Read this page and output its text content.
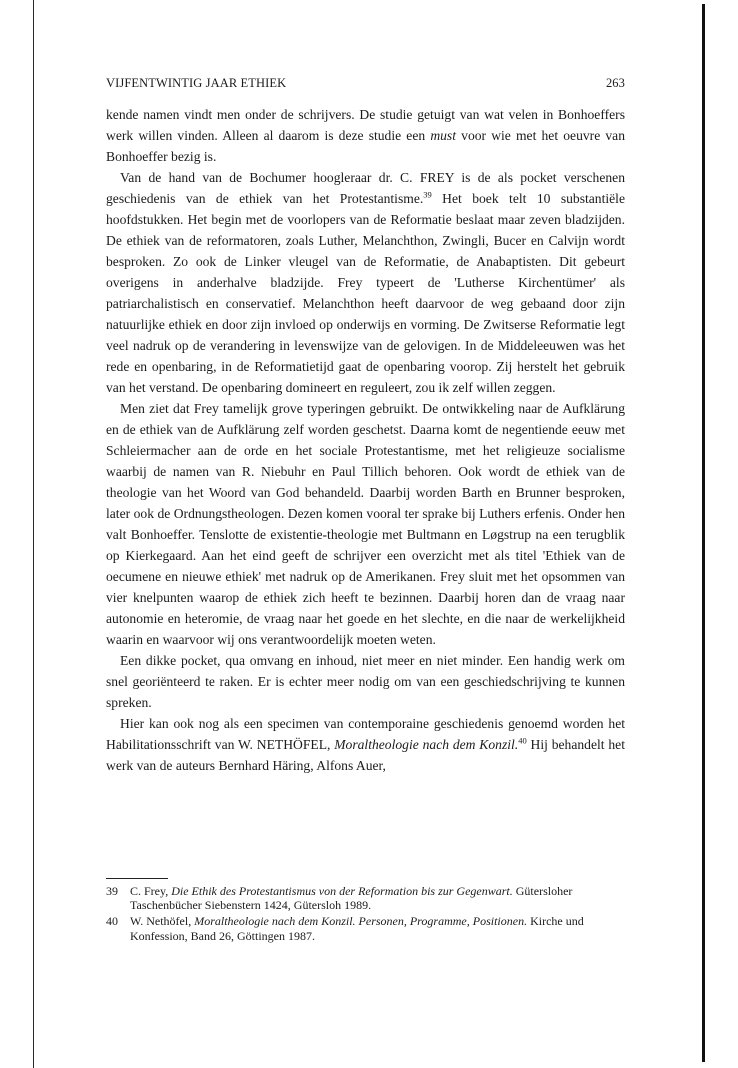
VIJFENTWINTIG JAAR ETHIEK	263

kende namen vindt men onder de schrijvers. De studie getuigt van wat velen in Bonhoeffers werk willen vinden. Alleen al daarom is deze studie een must voor wie met het oeuvre van Bonhoeffer bezig is.

Van de hand van de Bochumer hoogleraar dr. C. FREY is de als pocket verschenen geschiedenis van de ethiek van het Protestantisme.$^{39}$ Het boek telt 10 substantiële hoofdstukken. Het begin met de voorlopers van de Reformatie beslaat maar zeven bladzijden. De ethiek van de reformatoren, zoals Luther, Melanchthon, Zwingli, Bucer en Calvijn wordt besproken. Zo ook de Linker vleugel van de Reformatie, de Anabaptisten. Dit gebeurt overigens in anderhalve bladzijde. Frey typeert de 'Lutherse Kirchentümer' als patriarchalistisch en conservatief. Melanchthon heeft daarvoor de weg gebaand door zijn natuurlijke ethiek en door zijn invloed op onderwijs en vorming. De Zwitserse Reformatie legt veel nadruk op de verandering in levenswijze van de gelovigen. In de Middeleeuwen was het rede en openbaring, in de Reformatietijd gaat de openbaring voorop. Zij herstelt het gebruik van het verstand. De openbaring domineert en reguleert, zou ik zelf willen zeggen.

Men ziet dat Frey tamelijk grove typeringen gebruikt. De ontwikkeling naar de Aufklärung en de ethiek van de Aufklärung zelf worden geschetst. Daarna komt de negentiende eeuw met Schleiermacher aan de orde en het sociale Protestantisme, met het religieuze socialisme waarbij de namen van R. Niebuhr en Paul Tillich behoren. Ook wordt de ethiek van de theologie van het Woord van God behandeld. Daarbij worden Barth en Brunner besproken, later ook de Ordnungstheologen. Dezen komen vooral ter sprake bij Luthers erfenis. Onder hen valt Bonhoeffer. Tenslotte de existentie-theologie met Bultmann en Løgstrup na een terugblik op Kierkegaard. Aan het eind geeft de schrijver een overzicht met als titel 'Ethiek van de oecumene en nieuwe ethiek' met nadruk op de Amerikanen. Frey sluit met het opsommen van vier knelpunten waarop de ethiek zich heeft te bezinnen. Daarbij horen dan de vraag naar autonomie en heteromie, de vraag naar het goede en het slechte, en die naar de werkelijkheid waarin en waarvoor wij ons verantwoordelijk moeten weten.

Een dikke pocket, qua omvang en inhoud, niet meer en niet minder. Een handig werk om snel georiënteerd te raken. Er is echter meer nodig om van een geschiedschrijving te kunnen spreken.

Hier kan ook nog als een specimen van contemporaine geschiedenis genoemd worden het Habilitationsschrift van W. NETHÖFEL, Moraltheologie nach dem Konzil.$^{40}$ Hij behandelt het werk van de auteurs Bernhard Häring, Alfons Auer,

39	C. Frey, Die Ethik des Protestantismus von der Reformation bis zur Gegenwart. Gütersloher Taschenbücher Siebenstern 1424, Gütersloh 1989.
40	W. Nethöfel, Moraltheologie nach dem Konzil. Personen, Programme, Positionen. Kirche und Konfession, Band 26, Göttingen 1987.
